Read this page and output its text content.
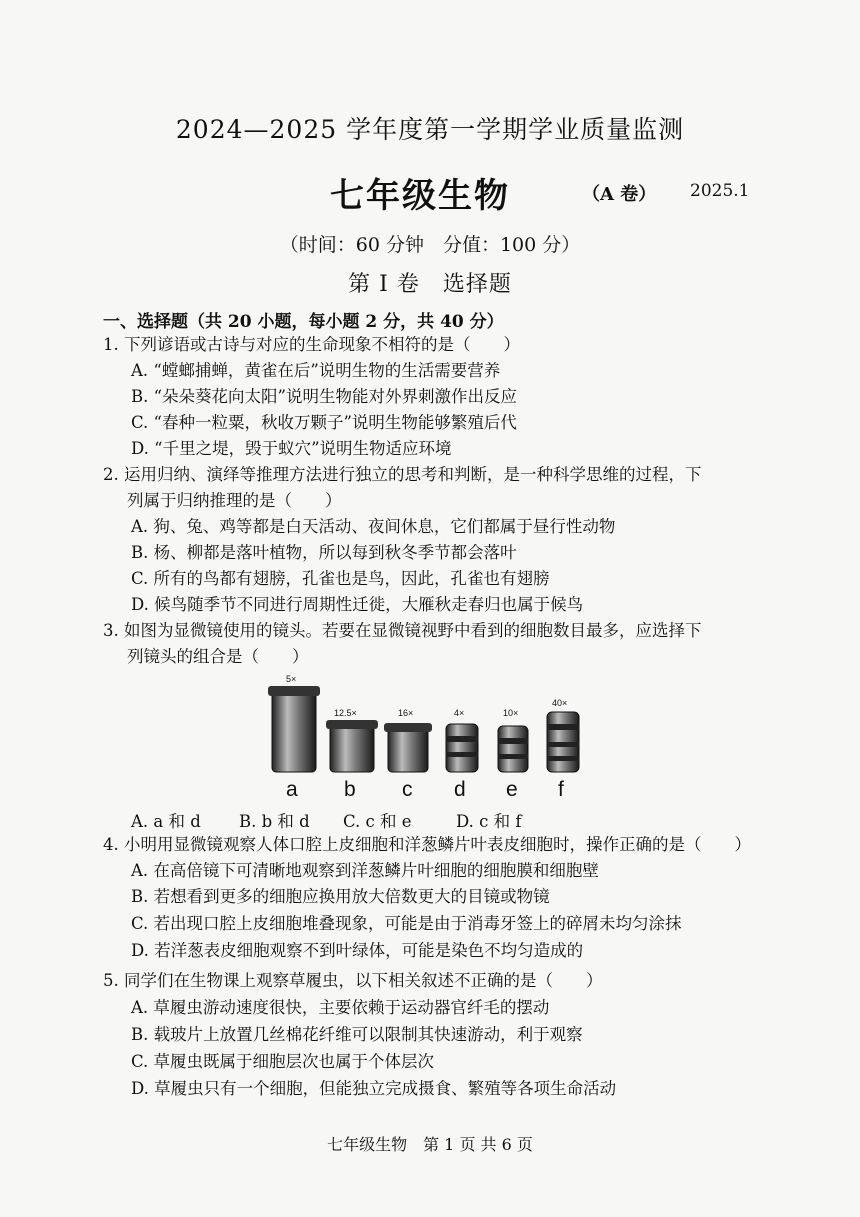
2024—2025 学年度第一学期学业质量监测
七年级生物	（A 卷） 2025.1
（时间：60 分钟　分值：100 分）
第 I 卷　选择题
一、选择题（共 20 小题，每小题 2 分，共 40 分）
1. 下列谚语或古诗与对应的生命现象不相符的是（　　）
A. “螳螂捕蝉，黄雀在后”说明生物的生活需要营养
B. “朵朵葵花向太阳”说明生物能对外界刺激作出反应
C. “春种一粒粟，秋收万颗子”说明生物能够繁殖后代
D. “千里之堤，毁于蚁穴”说明生物适应环境
2. 运用归纳、演绎等推理方法进行独立的思考和判断，是一种科学思维的过程，下
列属于归纳推理的是（　　）
A. 狗、兔、鸡等都是白天活动、夜间休息，它们都属于昼行性动物
B. 杨、柳都是落叶植物，所以每到秋冬季节都会落叶
C. 所有的鸟都有翅膀，孔雀也是鸟，因此，孔雀也有翅膀
D. 候鸟随季节不同进行周期性迁徙，大雁秋走春归也属于候鸟
3. 如图为显微镜使用的镜头。若要在显微镜视野中看到的细胞数目最多，应选择下
列镜头的组合是（　　）
5×
12.5×	16×	4×	10×
40×
a b c d e f
A. a 和 d B. b 和 d C. c 和 e	D. c 和 f
4. 小明用显微镜观察人体口腔上皮细胞和洋葱鳞片叶表皮细胞时，操作正确的是（　　）
A. 在高倍镜下可清晰地观察到洋葱鳞片叶细胞的细胞膜和细胞壁
B. 若想看到更多的细胞应换用放大倍数更大的目镜或物镜
C. 若出现口腔上皮细胞堆叠现象，可能是由于消毒牙签上的碎屑未均匀涂抹
D. 若洋葱表皮细胞观察不到叶绿体，可能是染色不均匀造成的
5. 同学们在生物课上观察草履虫，以下相关叙述不正确的是（　　）
A. 草履虫游动速度很快，主要依赖于运动器官纤毛的摆动
B. 载玻片上放置几丝棉花纤维可以限制其快速游动，利于观察
C. 草履虫既属于细胞层次也属于个体层次
D. 草履虫只有一个细胞，但能独立完成摄食、繁殖等各项生命活动
七年级生物　第 1 页 共 6 页
